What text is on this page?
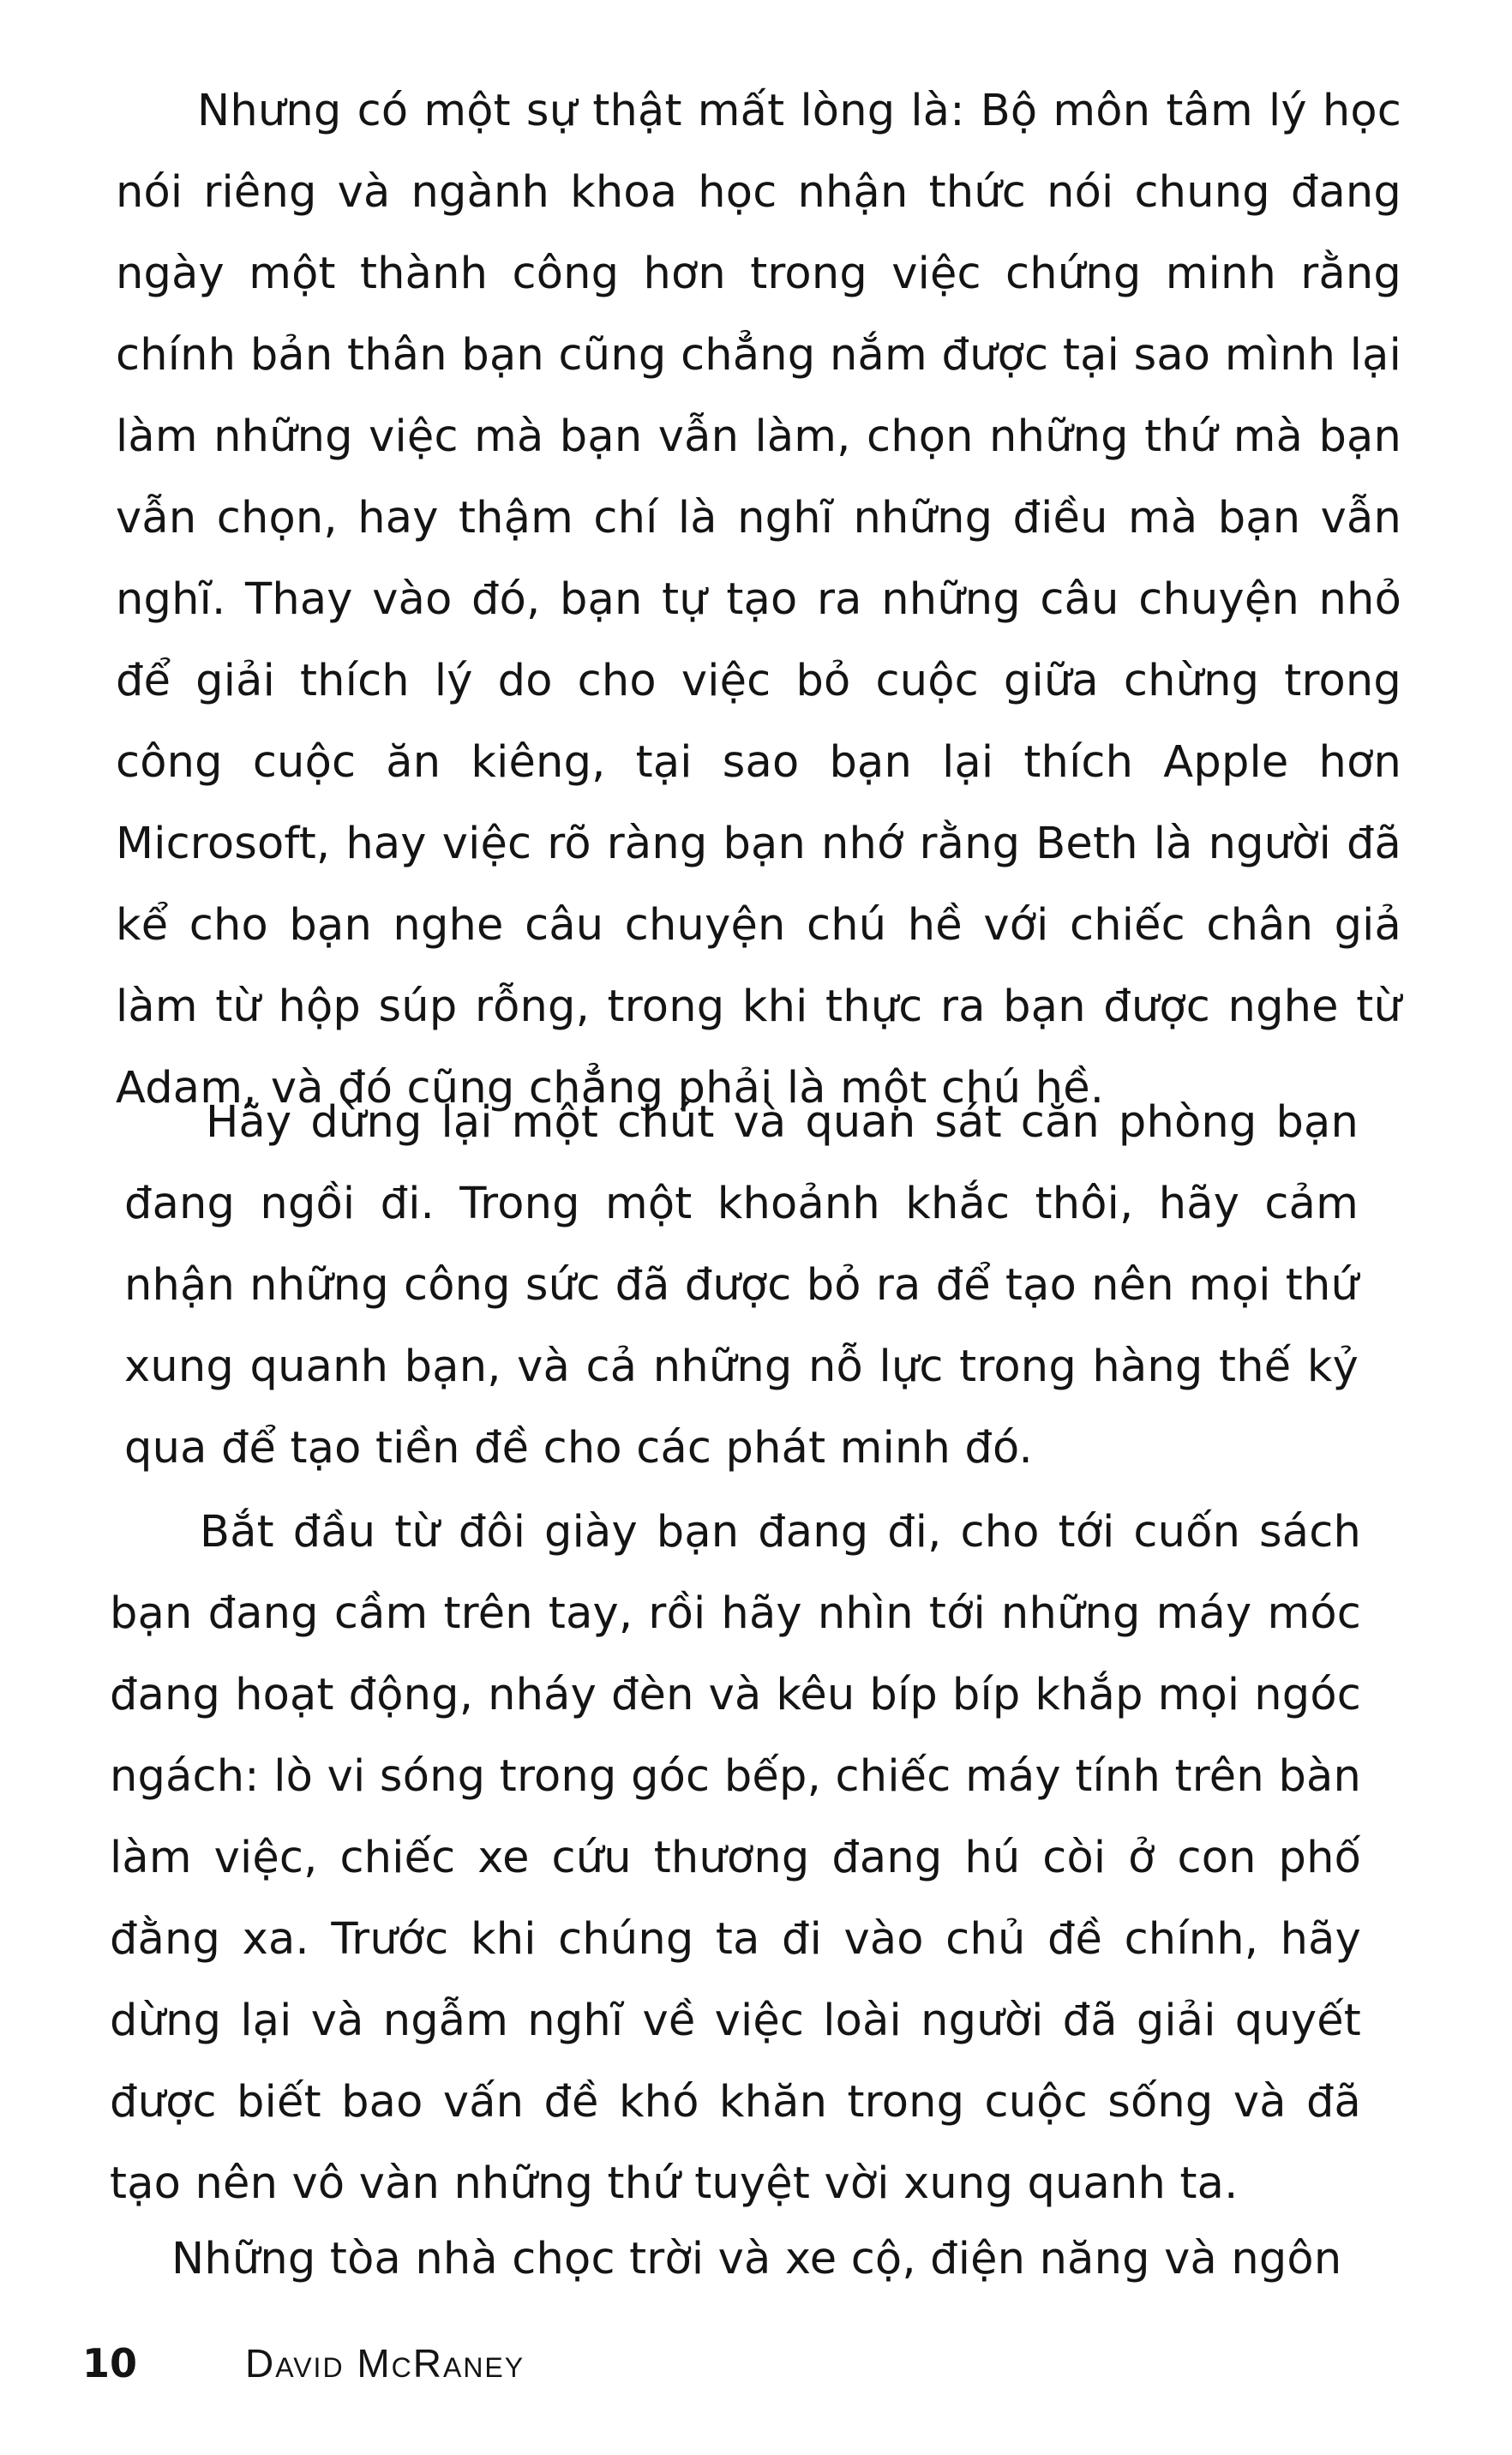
Nhưng có một sự thật mất lòng là: Bộ môn tâm lý học nói riêng và ngành khoa học nhận thức nói chung đang ngày một thành công hơn trong việc chứng minh rằng chính bản thân bạn cũng chẳng nắm được tại sao mình lại làm những việc mà bạn vẫn làm, chọn những thứ mà bạn vẫn chọn, hay thậm chí là nghĩ những điều mà bạn vẫn nghĩ. Thay vào đó, bạn tự tạo ra những câu chuyện nhỏ để giải thích lý do cho việc bỏ cuộc giữa chừng trong công cuộc ăn kiêng, tại sao bạn lại thích Apple hơn Microsoft, hay việc rõ ràng bạn nhớ rằng Beth là người đã kể cho bạn nghe câu chuyện chú hề với chiếc chân giả làm từ hộp súp rỗng, trong khi thực ra bạn được nghe từ Adam, và đó cũng chẳng phải là một chú hề.

Hãy dừng lại một chút và quan sát căn phòng bạn đang ngồi đi. Trong một khoảnh khắc thôi, hãy cảm nhận những công sức đã được bỏ ra để tạo nên mọi thứ xung quanh bạn, và cả những nỗ lực trong hàng thế kỷ qua để tạo tiền đề cho các phát minh đó.

Bắt đầu từ đôi giày bạn đang đi, cho tới cuốn sách bạn đang cầm trên tay, rồi hãy nhìn tới những máy móc đang hoạt động, nháy đèn và kêu bíp bíp khắp mọi ngóc ngách: lò vi sóng trong góc bếp, chiếc máy tính trên bàn làm việc, chiếc xe cứu thương đang hú còi ở con phố đằng xa. Trước khi chúng ta đi vào chủ đề chính, hãy dừng lại và ngẫm nghĩ về việc loài người đã giải quyết được biết bao vấn đề khó khăn trong cuộc sống và đã tạo nên vô vàn những thứ tuyệt vời xung quanh ta.

Những tòa nhà chọc trời và xe cộ, điện năng và ngôn

10	David McRaney
